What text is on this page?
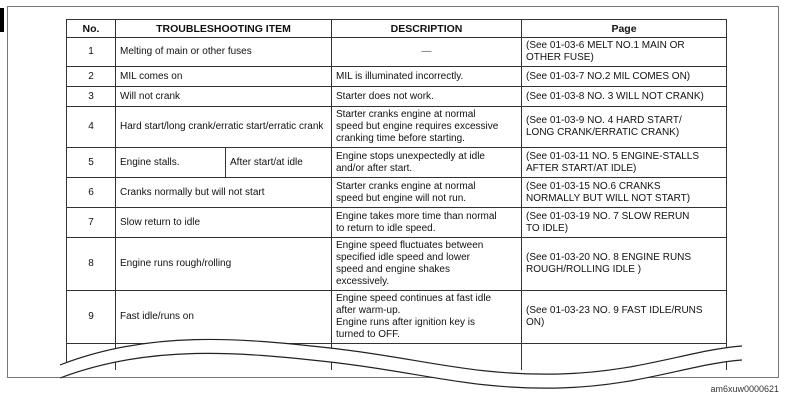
No.	TROUBLESHOOTING ITEM		DESCRIPTION	Page
1	Melting of main or other fuses		—	(See 01-03-6 MELT NO.1 MAIN OR
OTHER FUSE)
2	MIL comes on		MIL is illuminated incorrectly.	(See 01-03-7 NO.2 MIL COMES ON)
3	Will not crank		Starter does not work.	(See 01-03-8 NO. 3 WILL NOT CRANK)
4	Hard start/long crank/erratic start/erratic crank		Starter cranks engine at normal
speed but engine requires excessive
cranking time before starting.	(See 01-03-9 NO. 4 HARD START/
LONG CRANK/ERRATIC CRANK)
5	Engine stalls.	After start/at idle	Engine stops unexpectedly at idle
and/or after start.	(See 01-03-11 NO. 5 ENGINE-STALLS
AFTER START/AT IDLE)
6	Cranks normally but will not start		Starter cranks engine at normal
speed but engine will not run.	(See 01-03-15 NO.6 CRANKS
NORMALLY BUT WILL NOT START)
7	Slow return to idle		Engine takes more time than normal
to return to idle speed.	(See 01-03-19 NO. 7 SLOW RERUN
TO IDLE)
8	Engine runs rough/rolling		Engine speed fluctuates between
specified idle speed and lower
speed and engine shakes
excessively.	(See 01-03-20 NO. 8 ENGINE RUNS
ROUGH/ROLLING IDLE )
9	Fast idle/runs on		Engine speed continues at fast idle
after warm-up.
Engine runs after ignition key is
turned to OFF.	(See 01-03-23 NO. 9 FAST IDLE/RUNS
ON)

am6xuw0000621
